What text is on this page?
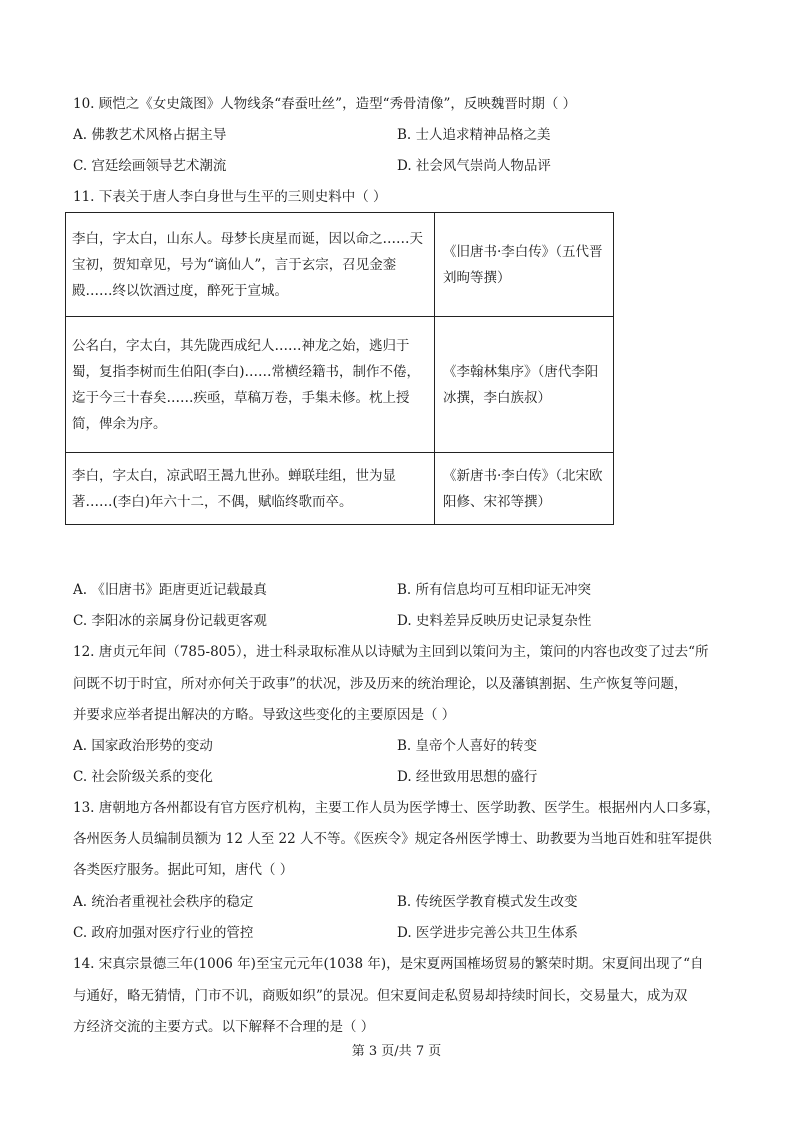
10. 顾恺之《女史箴图》人物线条“春蚕吐丝”，造型“秀骨清像”，反映魏晋时期（ ）
A. 佛教艺术风格占据主导	B. 士人追求精神品格之美
C. 宫廷绘画领导艺术潮流	D. 社会风气崇尚人物品评
11. 下表关于唐人李白身世与生平的三则史料中（ ）
李白，字太白，山东人。母梦长庚星而诞，因以命之……天宝初，贺知章见，号为“谪仙人”，言于玄宗，召见金銮殿……终以饮酒过度，醉死于宣城。	《旧唐书·李白传》（五代晋刘昫等撰）
公名白，字太白，其先陇西成纪人……神龙之始，逃归于蜀，复指李树而生伯阳(李白)……常横经籍书，制作不倦，迄于今三十春矣……疾亟，草稿万卷，手集未修。枕上授简，俾余为序。	《李翰林集序》（唐代李阳冰撰，李白族叔）
李白，字太白，凉武昭王暠九世孙。蝉联珪组，世为显著……(李白)年六十二，不偶，赋临终歌而卒。	《新唐书·李白传》（北宋欧阳修、宋祁等撰）
A. 《旧唐书》距唐更近记载最真	B. 所有信息均可互相印证无冲突
C. 李阳冰的亲属身份记载更客观	D. 史料差异反映历史记录复杂性
12. 唐贞元年间（785-805），进士科录取标准从以诗赋为主回到以策问为主，策问的内容也改变了过去“所
问既不切于时宜，所对亦何关于政事”的状况，涉及历来的统治理论，以及藩镇割据、生产恢复等问题，
并要求应举者提出解决的方略。导致这些变化的主要原因是（ ）
A. 国家政治形势的变动	B. 皇帝个人喜好的转变
C. 社会阶级关系的变化	D. 经世致用思想的盛行
13. 唐朝地方各州都设有官方医疗机构，主要工作人员为医学博士、医学助教、医学生。根据州内人口多寡，
各州医务人员编制员额为 12 人至 22 人不等。《医疾令》规定各州医学博士、助教要为当地百姓和驻军提供
各类医疗服务。据此可知，唐代（ ）
A. 统治者重视社会秩序的稳定	B. 传统医学教育模式发生改变
C. 政府加强对医疗行业的管控	D. 医学进步完善公共卫生体系
14. 宋真宗景德三年(1006 年)至宝元元年(1038 年)，是宋夏两国榷场贸易的繁荣时期。宋夏间出现了“自
与通好，略无猜情，门市不讥，商贩如织”的景况。但宋夏间走私贸易却持续时间长，交易量大，成为双
方经济交流的主要方式。以下解释不合理的是（ ）
第 3 页/共 7 页
